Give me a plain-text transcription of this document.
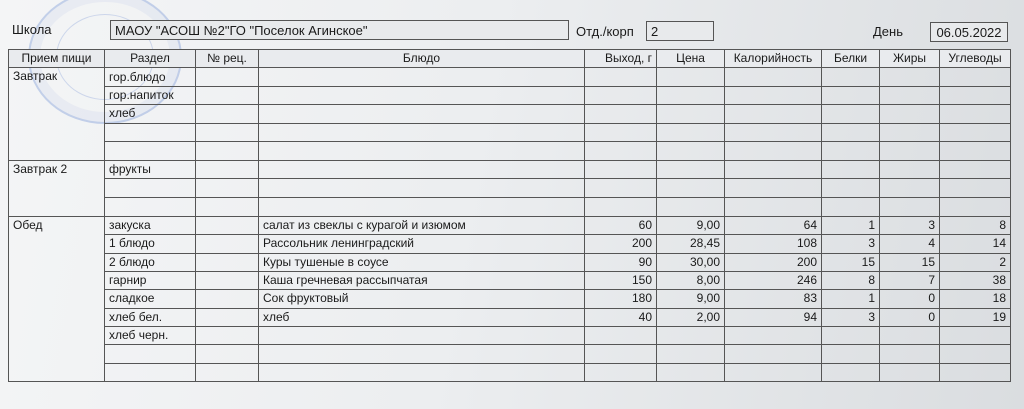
Школа	МАОУ "АСОШ №2"ГО "Поселок Агинское"	Отд./корп	2	День	06.05.2022
Прием пищи	Раздел	№ рец.	Блюдо	Выход, г	Цена	Калорийность	Белки	Жиры	Углеводы
Завтрак	гор.блюдо								
	гор.напиток								
	хлеб								

Завтрак 2	фрукты								

Обед	закуска		салат из свеклы с курагой и изюмом	60	9,00	64	1	3	8
	1 блюдо		Рассольник ленинградский	200	28,45	108	3	4	14
	2 блюдо		Куры тушеные в соусе	90	30,00	200	15	15	2
	гарнир		Каша гречневая рассыпчатая	150	8,00	246	8	7	38
	сладкое		Сок фруктовый	180	9,00	83	1	0	18
	хлеб бел.		хлеб	40	2,00	94	3	0	19
	хлеб черн.								
